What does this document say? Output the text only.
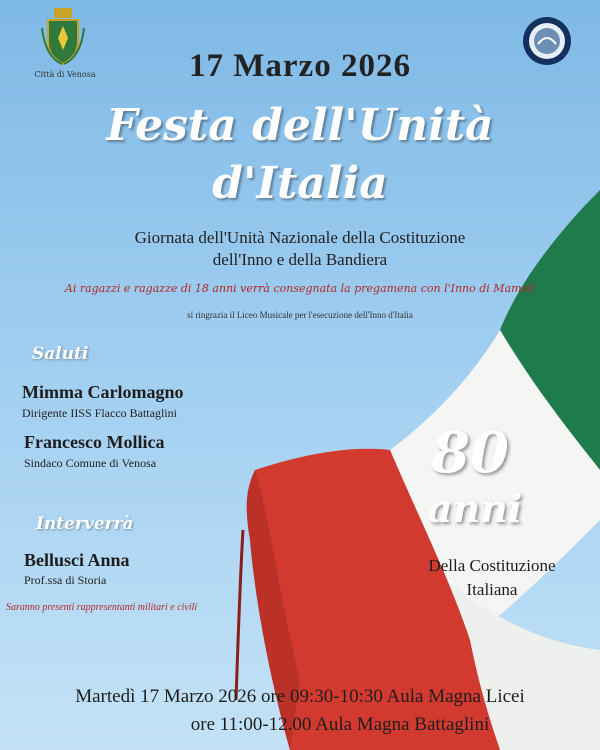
Città di Venosa	17 Marzo 2026
Festa dell'Unità
d'Italia
Giornata dell'Unità Nazionale della Costituzione
dell'Inno e della Bandiera
Ai ragazzi e ragazze di 18 anni verrà consegnata la pregamena con l'Inno di Mameli
si ringrazia il Liceo Musicale per l'esecuzione dell'Inno d'Italia
Saluti
Mimma Carlomagno
Dirigente IISS Flacco Battaglini
Francesco Mollica
Sindaco Comune di Venosa
Interverrà
Bellusci Anna
Prof.ssa di Storia
Saranno presenti rappresentanti militari e civili
80
anni
Della Costituzione
Italiana
Martedì 17 Marzo 2026 ore 09:30-10:30 Aula Magna Licei
ore 11:00-12.00 Aula Magna Battaglini
